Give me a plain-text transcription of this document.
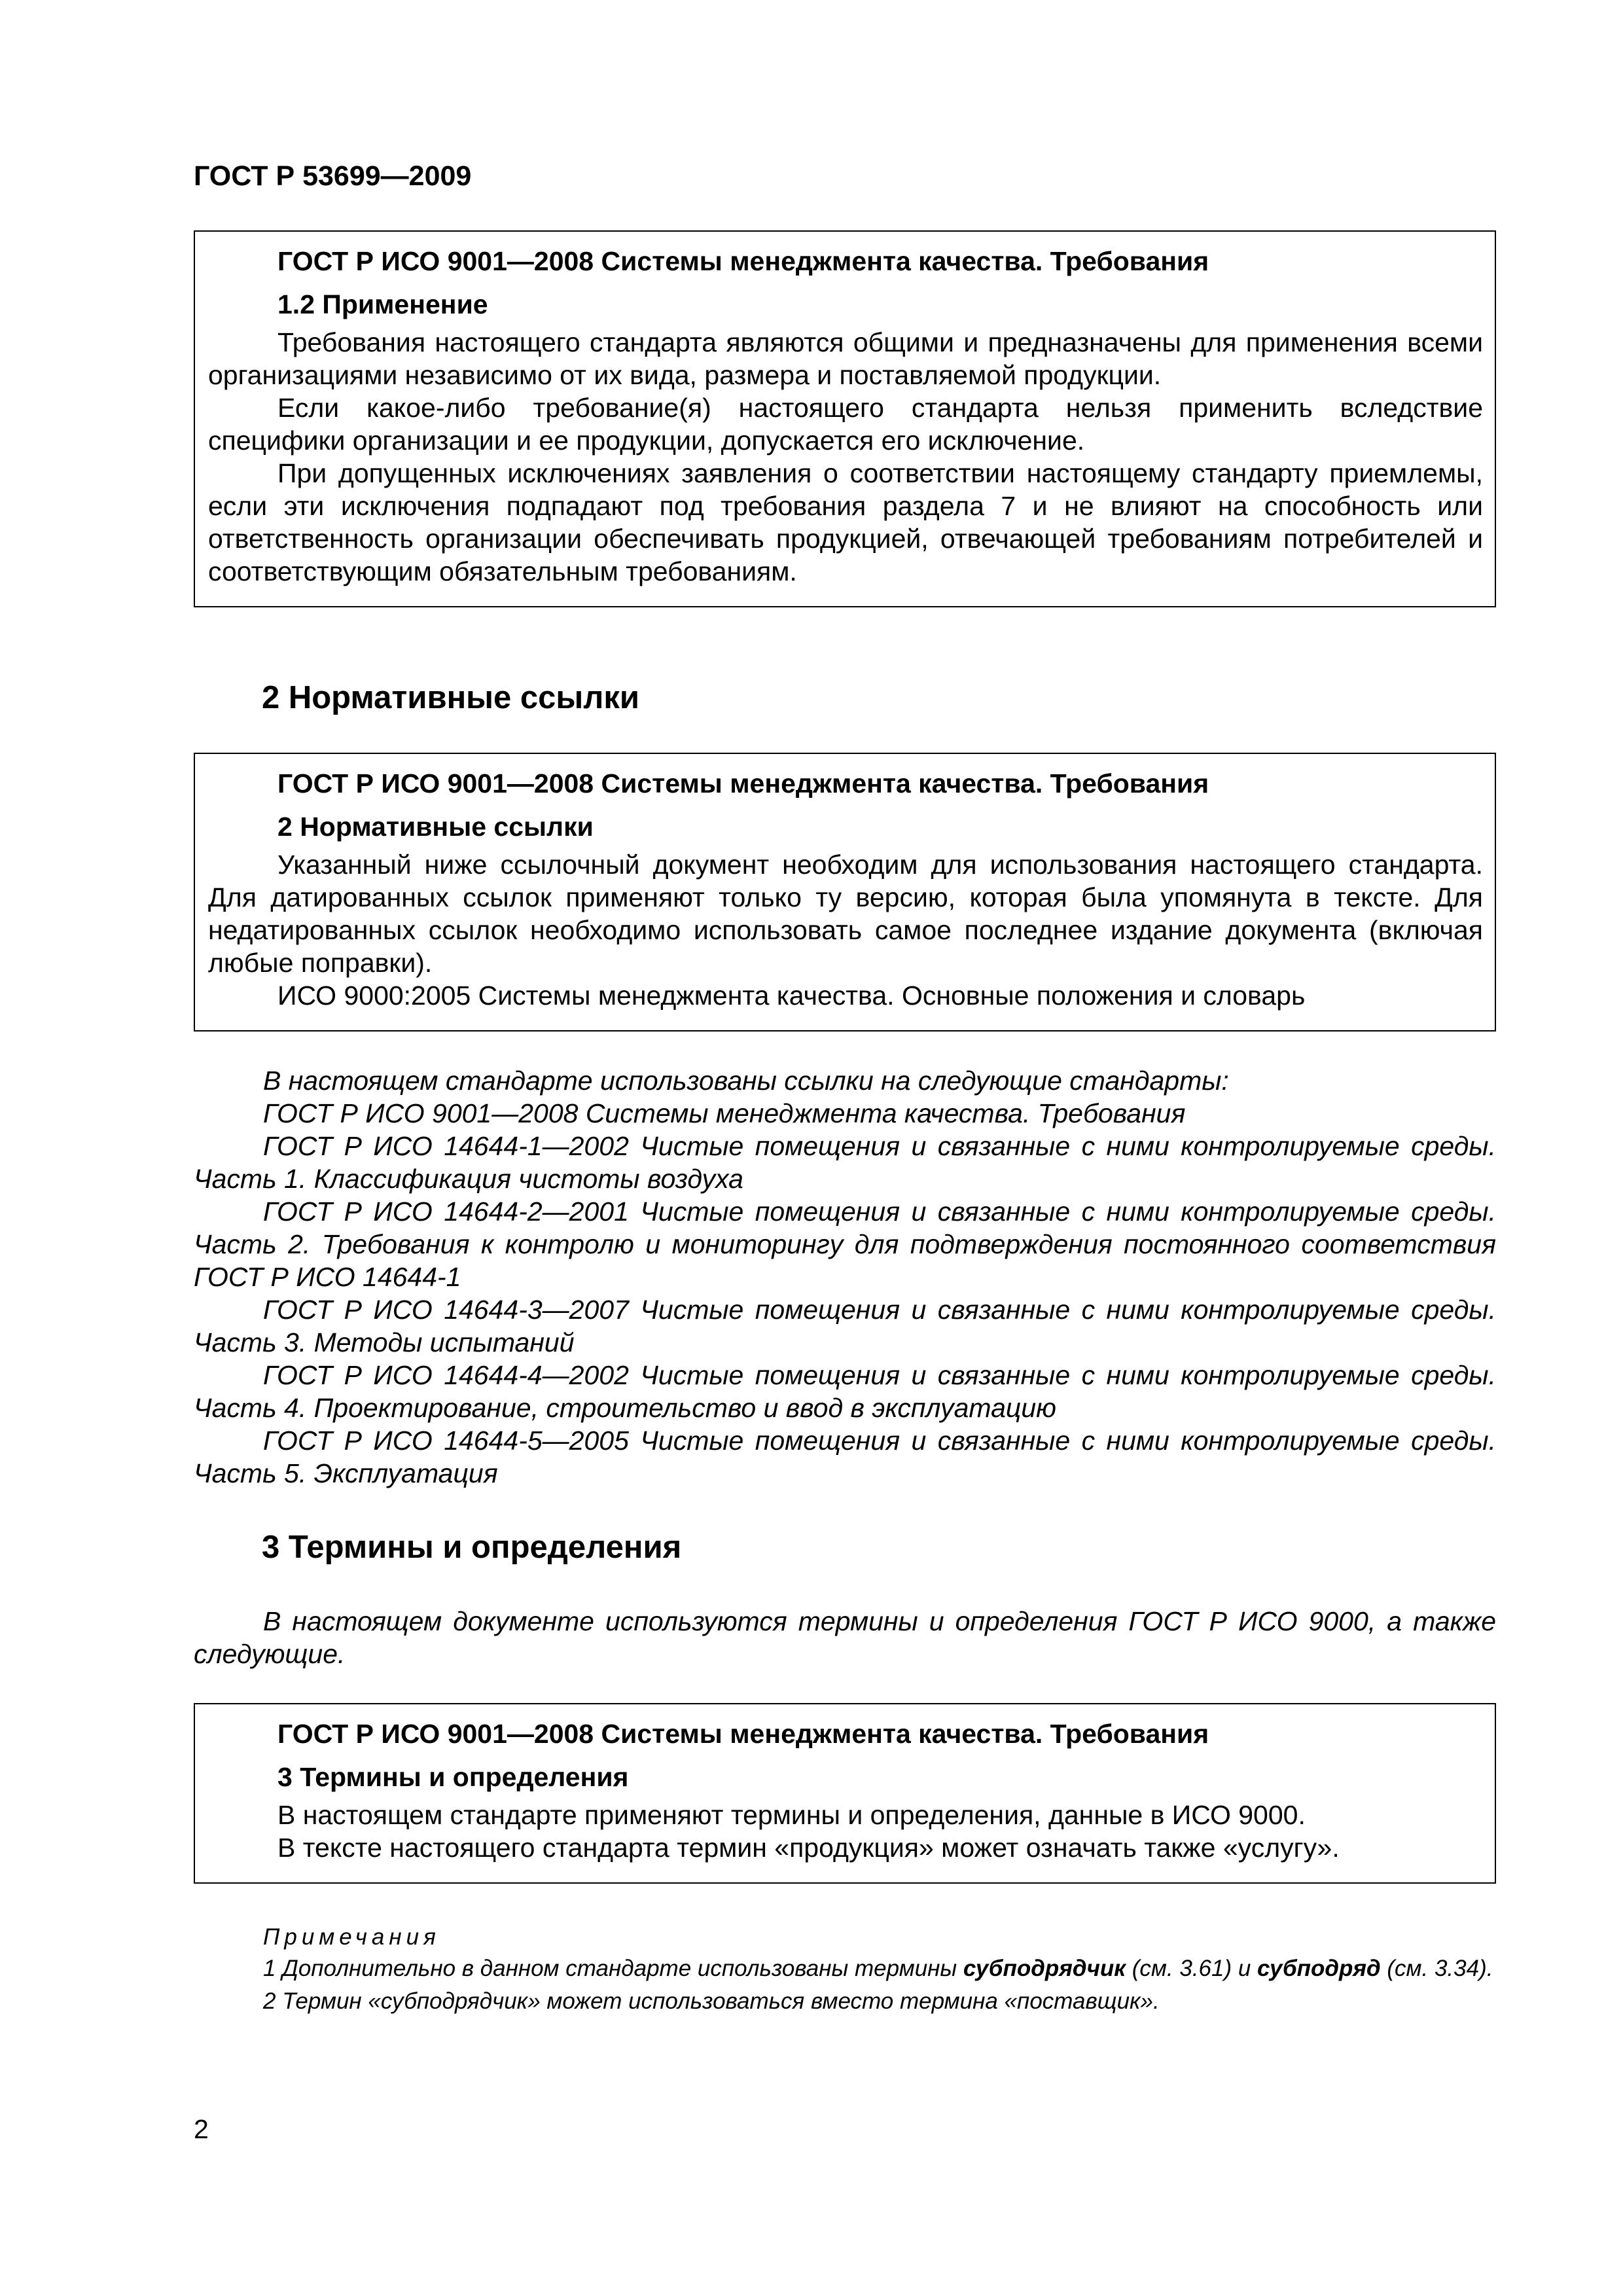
ГОСТ Р 53699—2009
ГОСТ Р ИСО 9001—2008 Системы менеджмента качества. Требования
1.2 Применение
Требования настоящего стандарта являются общими и предназначены для применения всеми организациями независимо от их вида, размера и поставляемой продукции.
Если какое-либо требование(я) настоящего стандарта нельзя применить вследствие специфики организации и ее продукции, допускается его исключение.
При допущенных исключениях заявления о соответствии настоящему стандарту приемлемы, если эти исключения подпадают под требования раздела 7 и не влияют на способность или ответственность организации обеспечивать продукцией, отвечающей требованиям потребителей и соответствующим обязательным требованиям.
2 Нормативные ссылки
ГОСТ Р ИСО 9001—2008 Системы менеджмента качества. Требования
2 Нормативные ссылки
Указанный ниже ссылочный документ необходим для использования настоящего стандарта. Для датированных ссылок применяют только ту версию, которая была упомянута в тексте. Для недатированных ссылок необходимо использовать самое последнее издание документа (включая любые поправки).
ИСО 9000:2005 Системы менеджмента качества. Основные положения и словарь
В настоящем стандарте использованы ссылки на следующие стандарты:
ГОСТ Р ИСО 9001—2008 Системы менеджмента качества. Требования
ГОСТ Р ИСО 14644-1—2002 Чистые помещения и связанные с ними контролируемые среды. Часть 1. Классификация чистоты воздуха
ГОСТ Р ИСО 14644-2—2001 Чистые помещения и связанные с ними контролируемые среды. Часть 2. Требования к контролю и мониторингу для подтверждения постоянного соответствия ГОСТ Р ИСО 14644-1
ГОСТ Р ИСО 14644-3—2007 Чистые помещения и связанные с ними контролируемые среды. Часть 3. Методы испытаний
ГОСТ Р ИСО 14644-4—2002 Чистые помещения и связанные с ними контролируемые среды. Часть 4. Проектирование, строительство и ввод в эксплуатацию
ГОСТ Р ИСО 14644-5—2005 Чистые помещения и связанные с ними контролируемые среды. Часть 5. Эксплуатация
3 Термины и определения
В настоящем документе используются термины и определения ГОСТ Р ИСО 9000, а также следующие.
ГОСТ Р ИСО 9001—2008 Системы менеджмента качества. Требования
3 Термины и определения
В настоящем стандарте применяют термины и определения, данные в ИСО 9000.
В тексте настоящего стандарта термин «продукция» может означать также «услугу».
Примечания
1 Дополнительно в данном стандарте использованы термины субподрядчик (см. 3.61) и субподряд (см. 3.34).
2 Термин «субподрядчик» может использоваться вместо термина «поставщик».
2
